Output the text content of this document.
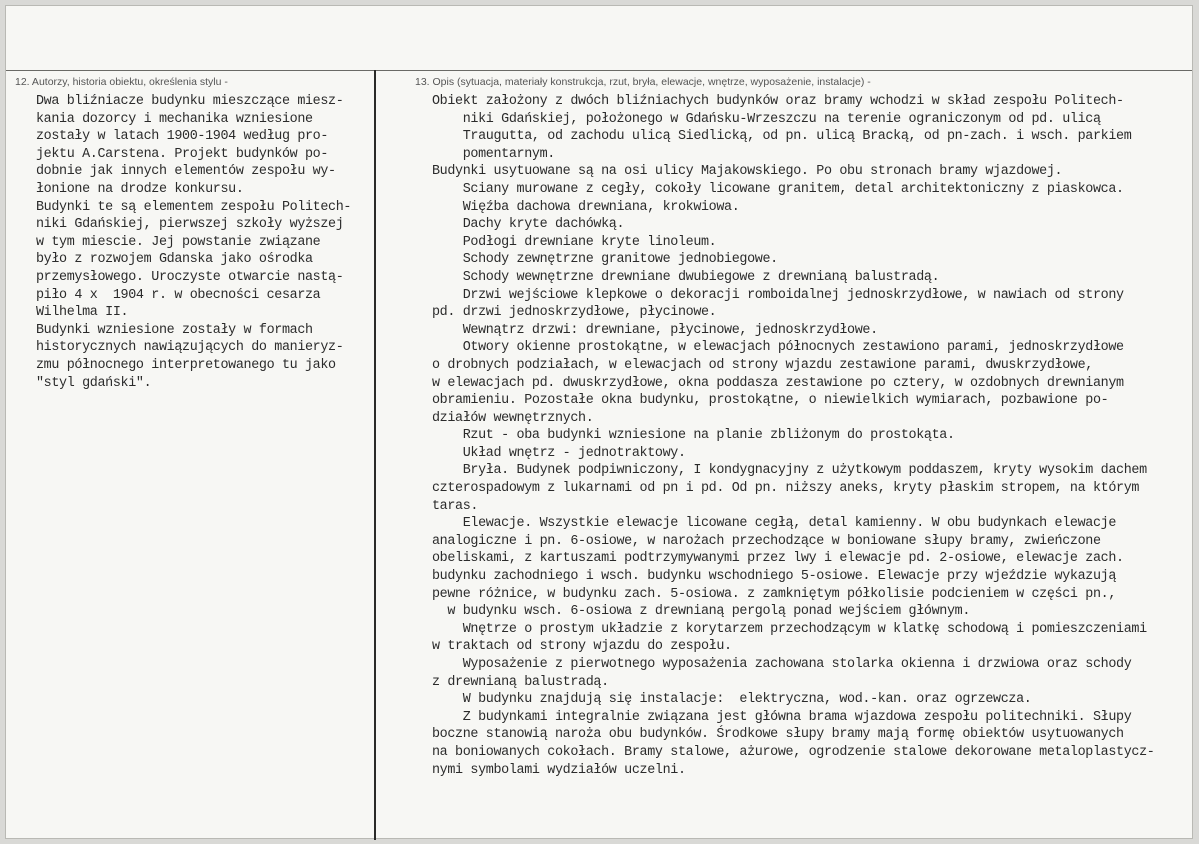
12. Autorzy, historia obiektu, określenia stylu -	13. Opis (sytuacja, materiały konstrukcja, rzut, bryła, elewacje, wnętrze, wyposażenie, instalacje) -
Dwa bliźniacze budynku mieszczące miesz-
kania dozorcy i mechanika wzniesione
zostały w latach 1900-1904 według pro-
jektu A.Carstena. Projekt budynków po-
dobnie jak innych elementów zespołu wy-
łonione na drodze konkursu.
Budynki te są elementem zespołu Politech-
niki Gdańskiej, pierwszej szkoły wyższej
w tym miescie. Jej powstanie związane
było z rozwojem Gdanska jako ośrodka
przemysłowego. Uroczyste otwarcie nastą-
piło 4 x  1904 r. w obecności cesarza
Wilhelma II.
Budynki wzniesione zostały w formach
historycznych nawiązujących do manieryz-
zmu północnego interpretowanego tu jako
"styl gdański".
Obiekt założony z dwóch bliźniachych budynków oraz bramy wchodzi w skład zespołu Politech-
niki Gdańskiej, położonego w Gdańsku-Wrzeszczu na terenie ograniczonym od pd. ulicą
Traugutta, od zachodu ulicą Siedlicką, od pn. ulicą Bracką, od pn-zach. i wsch. parkiem
pomentarnym.
Budynki usytuowane są na osi ulicy Majakowskiego. Po obu stronach bramy wjazdowej.
Sciany murowane z cegły, cokoły licowane granitem, detal architektoniczny z piaskowca.
Więźba dachowa drewniana, krokwiowa.
Dachy kryte dachówką.
Podłogi drewniane kryte linoleum.
Schody zewnętrzne granitowe jednobiegowe.
Schody wewnętrzne drewniane dwubiegowe z drewnianą balustradą.
Drzwi wejściowe klepkowe o dekoracji romboidalnej jednoskrzydłowe, w nawiach od strony
pd. drzwi jednoskrzydłowe, płycinowe.
Wewnątrz drzwi: drewniane, płycinowe, jednoskrzydłowe.
Otwory okienne prostokątne, w elewacjach północnych zestawiono parami, jednoskrzydłowe
o drobnych podziałach, w elewacjach od strony wjazdu zestawione parami, dwuskrzydłowe,
w elewacjach pd. dwuskrzydłowe, okna poddasza zestawione po cztery, w ozdobnych drewnianym
obramieniu. Pozostałe okna budynku, prostokątne, o niewielkich wymiarach, pozbawione po-
działów wewnętrznych.
Rzut - oba budynki wzniesione na planie zbliżonym do prostokąta.
Układ wnętrz - jednotraktowy.
Bryła. Budynek podpiwniczony, I kondygnacyjny z użytkowym poddaszem, kryty wysokim dachem
czterospadowym z lukarnami od pn i pd. Od pn. niższy aneks, kryty płaskim stropem, na którym
taras.
Elewacje. Wszystkie elewacje licowane cegłą, detal kamienny. W obu budynkach elewacje
analogiczne i pn. 6-osiowe, w narożach przechodzące w boniowane słupy bramy, zwieńczone
obeliskami, z kartuszami podtrzymywanymi przez lwy i elewacje pd. 2-osiowe, elewacje zach.
budynku zachodniego i wsch. budynku wschodniego 5-osiowe. Elewacje przy wjeździe wykazują
pewne różnice, w budynku zach. 5-osiowa. z zamkniętym półkolisie podcieniem w części pn.,
w budynku wsch. 6-osiowa z drewnianą pergolą ponad wejściem głównym.
Wnętrze o prostym układzie z korytarzem przechodzącym w klatkę schodową i pomieszczeniami
w traktach od strony wjazdu do zespołu.
Wyposażenie z pierwotnego wyposażenia zachowana stolarka okienna i drzwiowa oraz schody
z drewnianą balustradą.
W budynku znajdują się instalacje:  elektryczna, wod.-kan. oraz ogrzewcza.
Z budynkami integralnie związana jest główna brama wjazdowa zespołu politechniki. Słupy
boczne stanowią naroża obu budynków. Środkowe słupy bramy mają formę obiektów usytuowanych
na boniowanych cokołach. Bramy stalowe, ażurowe, ogrodzenie stalowe dekorowane metaloplastycz-
nymi symbolami wydziałów uczelni.
